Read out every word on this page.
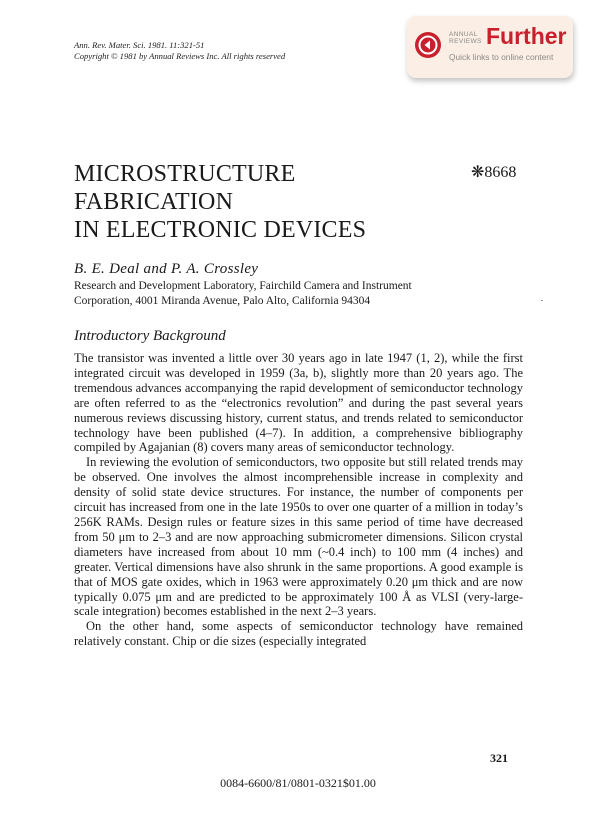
Ann. Rev. Mater. Sci. 1981. 11:321-51
Copyright © 1981 by Annual Reviews Inc. All rights reserved
ANNUAL
REVIEWS Further
Quick links to online content
MICROSTRUCTURE
FABRICATION
IN ELECTRONIC DEVICES
❋8668
B. E. Deal and P. A. Crossley
Research and Development Laboratory, Fairchild Camera and Instrument
Corporation, 4001 Miranda Avenue, Palo Alto, California 94304
Introductory Background

The transistor was invented a little over 30 years ago in late 1947 (1, 2), while the first integrated circuit was developed in 1959 (3a, b), slightly more than 20 years ago. The tremendous advances accompanying the rapid development of semiconductor technology are often referred to as the “electronics revolution” and during the past several years numerous reviews discussing history, current status, and trends related to semiconductor technology have been published (4–7). In addition, a comprehensive bibliography compiled by Agajanian (8) covers many areas of semiconductor technology.

In reviewing the evolution of semiconductors, two opposite but still related trends may be observed. One involves the almost incomprehensible increase in complexity and density of solid state device structures. For instance, the number of components per circuit has increased from one in the late 1950s to over one quarter of a million in today’s 256K RAMs. Design rules or feature sizes in this same period of time have decreased from 50 μm to 2–3 and are now approaching submicrometer dimensions. Silicon crystal diameters have increased from about 10 mm (~0.4 inch) to 100 mm (4 inches) and greater. Vertical dimensions have also shrunk in the same proportions. A good example is that of MOS gate oxides, which in 1963 were approximately 0.20 μm thick and are now typically 0.075 μm and are predicted to be approximately 100 Å as VLSI (very-large-scale integration) becomes established in the next 2–3 years.

On the other hand, some aspects of semiconductor technology have remained relatively constant. Chip or die sizes (especially integrated

321
0084-6600/81/0801-0321$01.00
